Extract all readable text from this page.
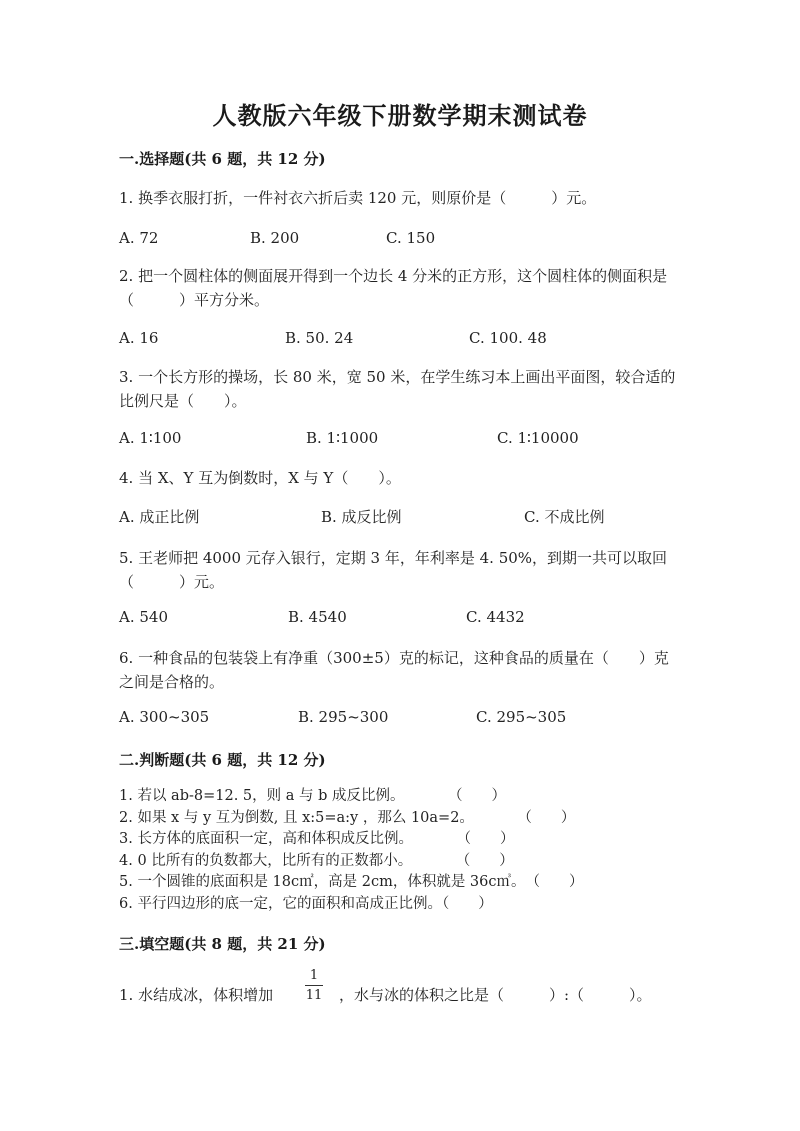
人教版六年级下册数学期末测试卷
一.选择题(共 6 题，共 12 分)
1. 换季衣服打折，一件衬衣六折后卖 120 元，则原价是（　　　）元。
A. 72	B. 200	C. 150
2. 把一个圆柱体的侧面展开得到一个边长 4 分米的正方形，这个圆柱体的侧面积是（　　　）平方分米。
A. 16	B. 50. 24	C. 100. 48
3. 一个长方形的操场，长 80 米，宽 50 米，在学生练习本上画出平面图，较合适的比例尺是（　　）。
A. 1∶100	B. 1∶1000	C. 1∶10000
4. 当 X、Y 互为倒数时，X 与 Y（　　）。
A. 成正比例	B. 成反比例	C. 不成比例
5. 王老师把 4000 元存入银行，定期 3 年，年利率是 4. 50%，到期一共可以取回（　　　）元。
A. 540	B. 4540	C. 4432
6. 一种食品的包装袋上有净重（300±5）克的标记，这种食品的质量在（　　）克之间是合格的。
A. 300~305	B. 295~300	C. 295~305
二.判断题(共 6 题，共 12 分)
1. 若以 ab-8=12. 5，则 a 与 b 成反比例。　　　　（　　）
2. 如果 x 与 y 互为倒数, 且 x:5=a:y ，那么 10a=2。　　　　（　　）
3. 长方体的底面积一定，高和体积成反比例。　　　　（　　）
4. 0 比所有的负数都大，比所有的正数都小。　　　　（　　）
5. 一个圆锥的底面积是 18c㎡，高是 2cm，体积就是 36c㎥。　（　　）
6. 平行四边形的底一定，它的面积和高成正比例。（　　）
三.填空题(共 8 题，共 21 分)
1. 水结成冰，体积增加
1
11 ，水与冰的体积之比是（　　　）:（　　　）。
